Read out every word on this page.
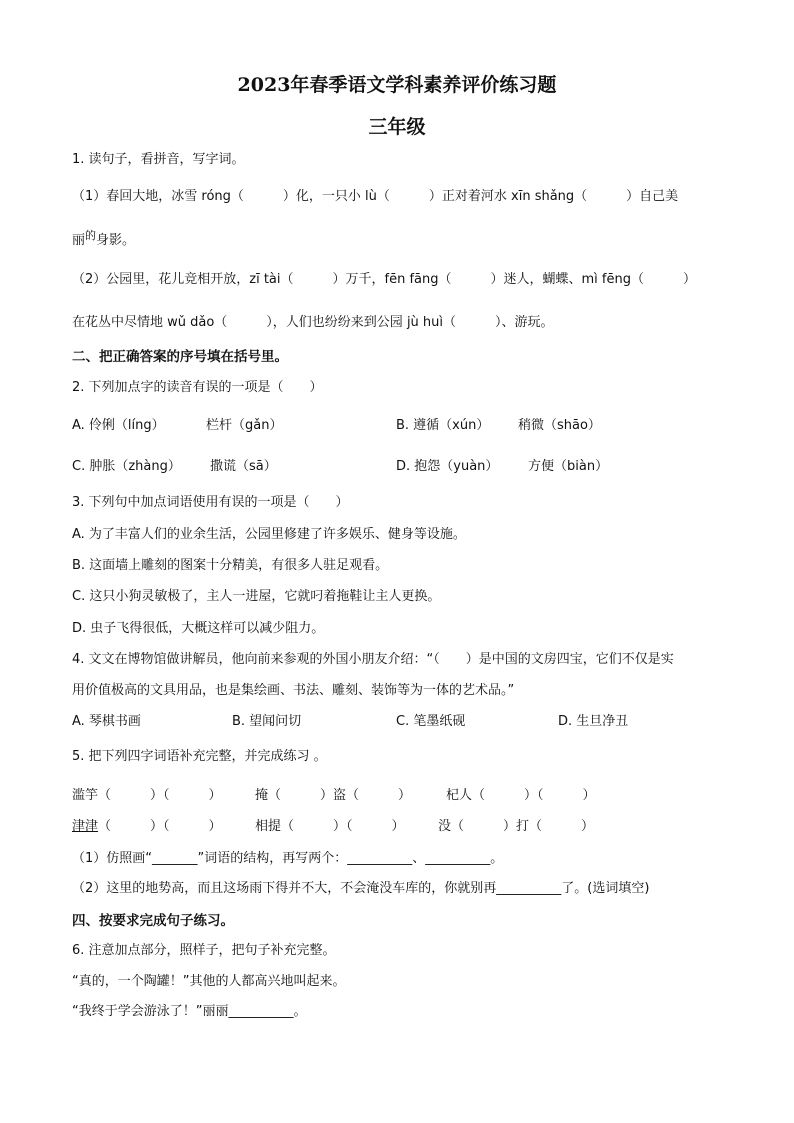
2023年春季语文学科素养评价练习题
三年级
1. 读句子，看拼音，写字词。
（1）春回大地，冰雪 róng（　　　）化，一只小 lù（　　　）正对着河水 xīn shǎng（　　　）自己美
丽$^的$身影。
（2）公园里，花儿竞相开放，zī tài（　　　）万千，fēn fāng（　　　）迷人，蝴蝶、mì fēng（　　　）
在花丛中尽情地 wǔ dǎo（　　　），人们也纷纷来到公园 jù huì（　　　）、游玩。
二、把正确答案的序号填在括号里。
2. 下列加点字的读音有误的一项是（　　）
A. 伶俐（líng）	栏杆（gǎn）	B. 遵循（xún） 稍微（shāo）
C. 肿胀（zhàng） 撒谎（sā）	D. 抱怨（yuàn） 方便（biàn）
3. 下列句中加点词语使用有误的一项是（　　）
A. 为了丰富人们的业余生活，公园里修建了许多娱乐、健身等设施。
B. 这面墙上雕刻的图案十分精美，有很多人驻足观看。
C. 这只小狗灵敏极了，主人一进屋，它就叼着拖鞋让主人更换。
D. 虫子飞得很低，大概这样可以减少阻力。
4. 文文在博物馆做讲解员，他向前来参观的外国小朋友介绍：“（　　）是中国的文房四宝，它们不仅是实
用价值极高的文具用品，也是集绘画、书法、雕刻、装饰等为一体的艺术品。”
A. 琴棋书画	B. 望闻问切	C. 笔墨纸砚	D. 生旦净丑
5. 把下列四字词语补充完整，并完成练习 。
滥竽（　　　）（　　　）	掩（　　　）盗（　　　）	杞人（　　　）（　　　）
津津（　　　）（　　　）	相提（　　　）（　　　）	没（　　　）打（　　　）
（1）仿照画“_______”词语的结构，再写两个：__________、__________。
（2）这里的地势高，而且这场雨下得并不大，不会淹没车库的，你就别再__________了。(选词填空)
四、按要求完成句子练习。
6. 注意加点部分，照样子，把句子补充完整。
“真的，一个陶罐！”其他的人都高兴地叫起来。
“我终于学会游泳了！”丽丽__________。
